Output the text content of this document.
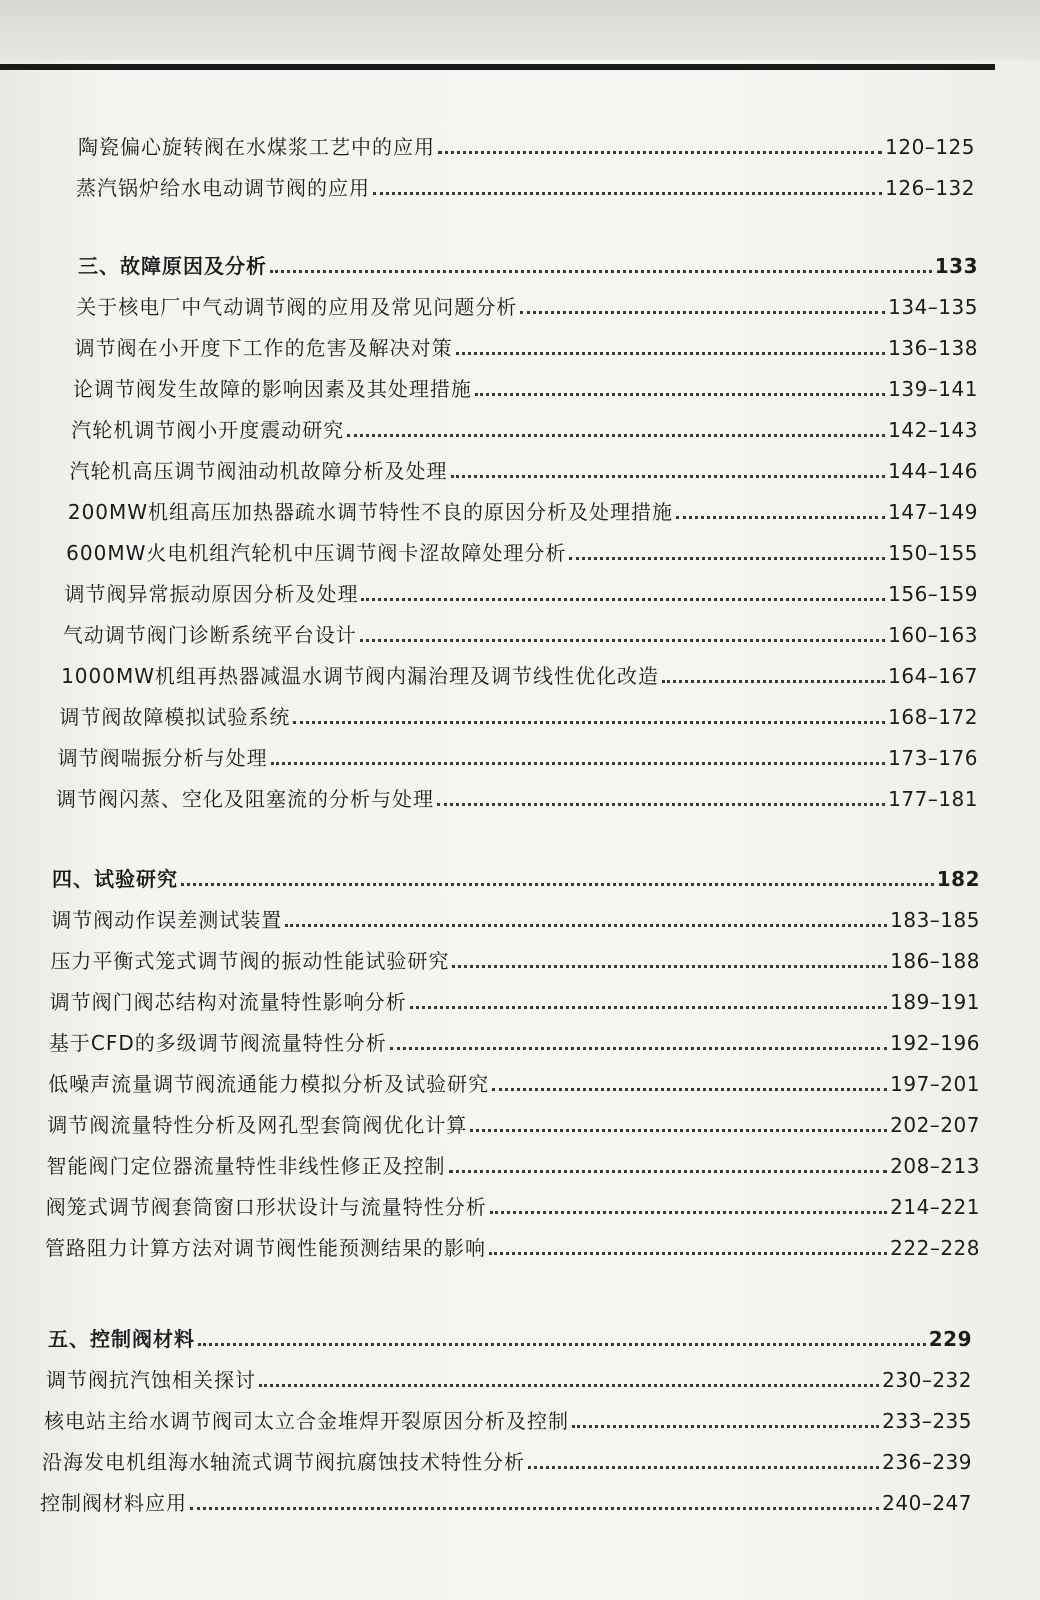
陶瓷偏心旋转阀在水煤浆工艺中的应用	120–125
蒸汽锅炉给水电动调节阀的应用	126–132
三、故障原因及分析	133
关于核电厂中气动调节阀的应用及常见问题分析	134–135
调节阀在小开度下工作的危害及解决对策	136–138
论调节阀发生故障的影响因素及其处理措施	139–141
汽轮机调节阀小开度震动研究	142–143
汽轮机高压调节阀油动机故障分析及处理	144–146
200MW机组高压加热器疏水调节特性不良的原因分析及处理措施	147–149
600MW火电机组汽轮机中压调节阀卡涩故障处理分析	150–155
调节阀异常振动原因分析及处理	156–159
气动调节阀门诊断系统平台设计	160–163
1000MW机组再热器减温水调节阀内漏治理及调节线性优化改造	164–167
调节阀故障模拟试验系统	168–172
调节阀喘振分析与处理	173–176
调节阀闪蒸、空化及阻塞流的分析与处理	177–181
四、试验研究	182
调节阀动作误差测试装置	183–185
压力平衡式笼式调节阀的振动性能试验研究	186–188
调节阀门阀芯结构对流量特性影响分析	189–191
基于CFD的多级调节阀流量特性分析	192–196
低噪声流量调节阀流通能力模拟分析及试验研究	197–201
调节阀流量特性分析及网孔型套筒阀优化计算	202–207
智能阀门定位器流量特性非线性修正及控制	208–213
阀笼式调节阀套筒窗口形状设计与流量特性分析	214–221
管路阻力计算方法对调节阀性能预测结果的影响	222–228
五、控制阀材料	229
调节阀抗汽蚀相关探讨	230–232
核电站主给水调节阀司太立合金堆焊开裂原因分析及控制	233–235
沿海发电机组海水轴流式调节阀抗腐蚀技术特性分析	236–239
控制阀材料应用	240–247
